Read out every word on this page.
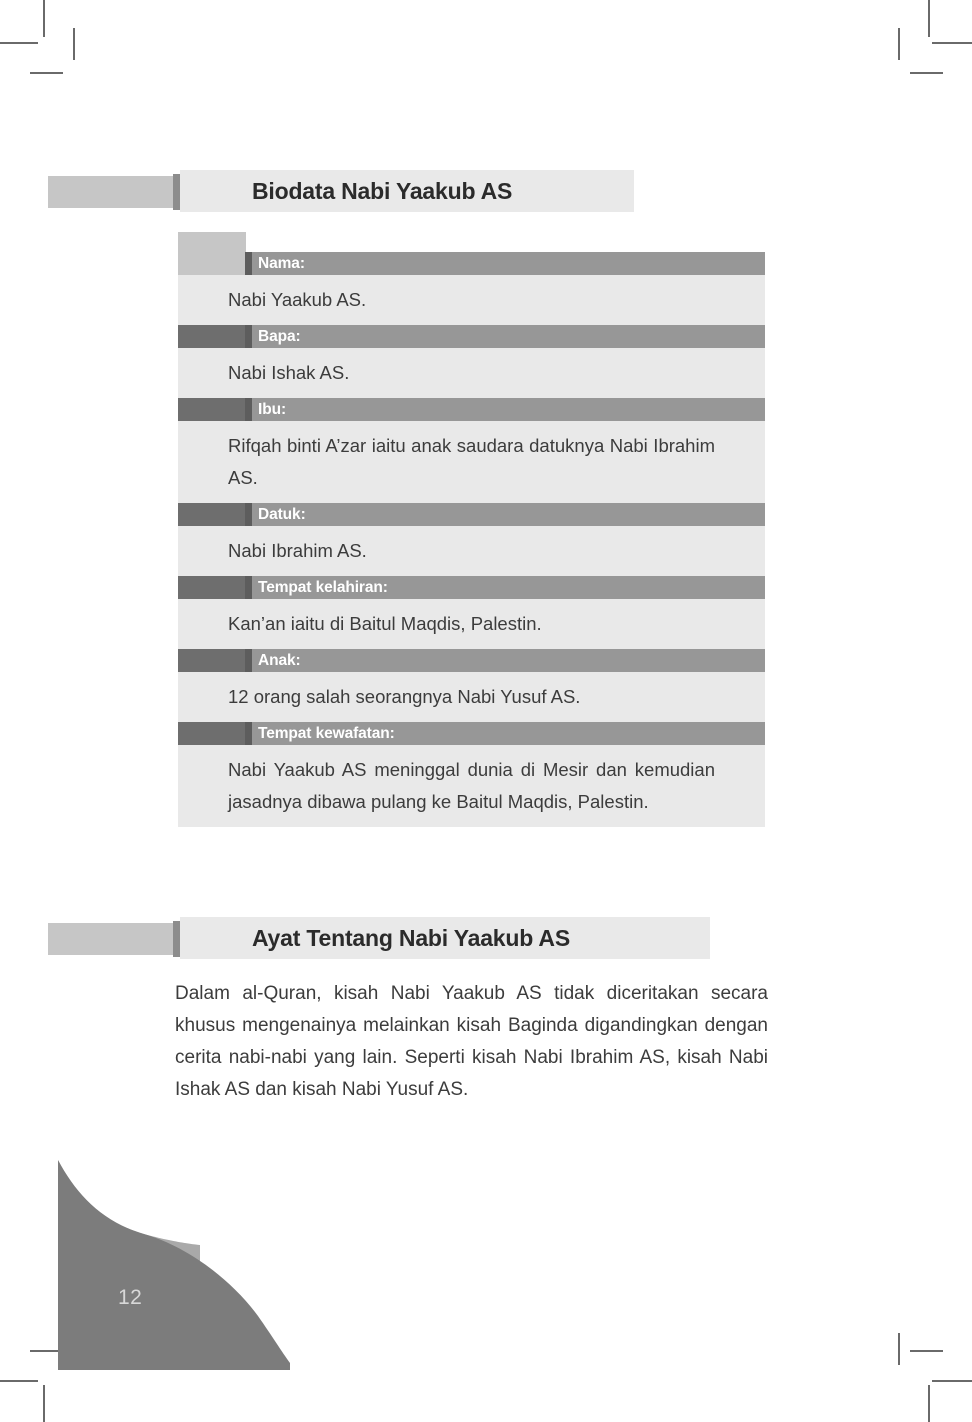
Biodata Nabi Yaakub AS
Nama:
Nabi Yaakub AS.
Bapa:
Nabi Ishak AS.
Ibu:
Rifqah binti A’zar iaitu anak saudara datuknya Nabi Ibrahim AS.
Datuk:
Nabi Ibrahim AS.
Tempat kelahiran:
Kan’an iaitu di Baitul Maqdis, Palestin.
Anak:
12 orang salah seorangnya Nabi Yusuf AS.
Tempat kewafatan:
Nabi Yaakub AS meninggal dunia di Mesir dan kemudian jasadnya dibawa pulang ke Baitul Maqdis, Palestin.
Ayat Tentang Nabi Yaakub AS
Dalam al-Quran, kisah Nabi Yaakub AS tidak diceritakan secara khusus mengenainya melainkan kisah Baginda digandingkan dengan cerita nabi-nabi yang lain. Seperti kisah Nabi Ibrahim AS, kisah Nabi Ishak AS dan kisah Nabi Yusuf AS.
12
